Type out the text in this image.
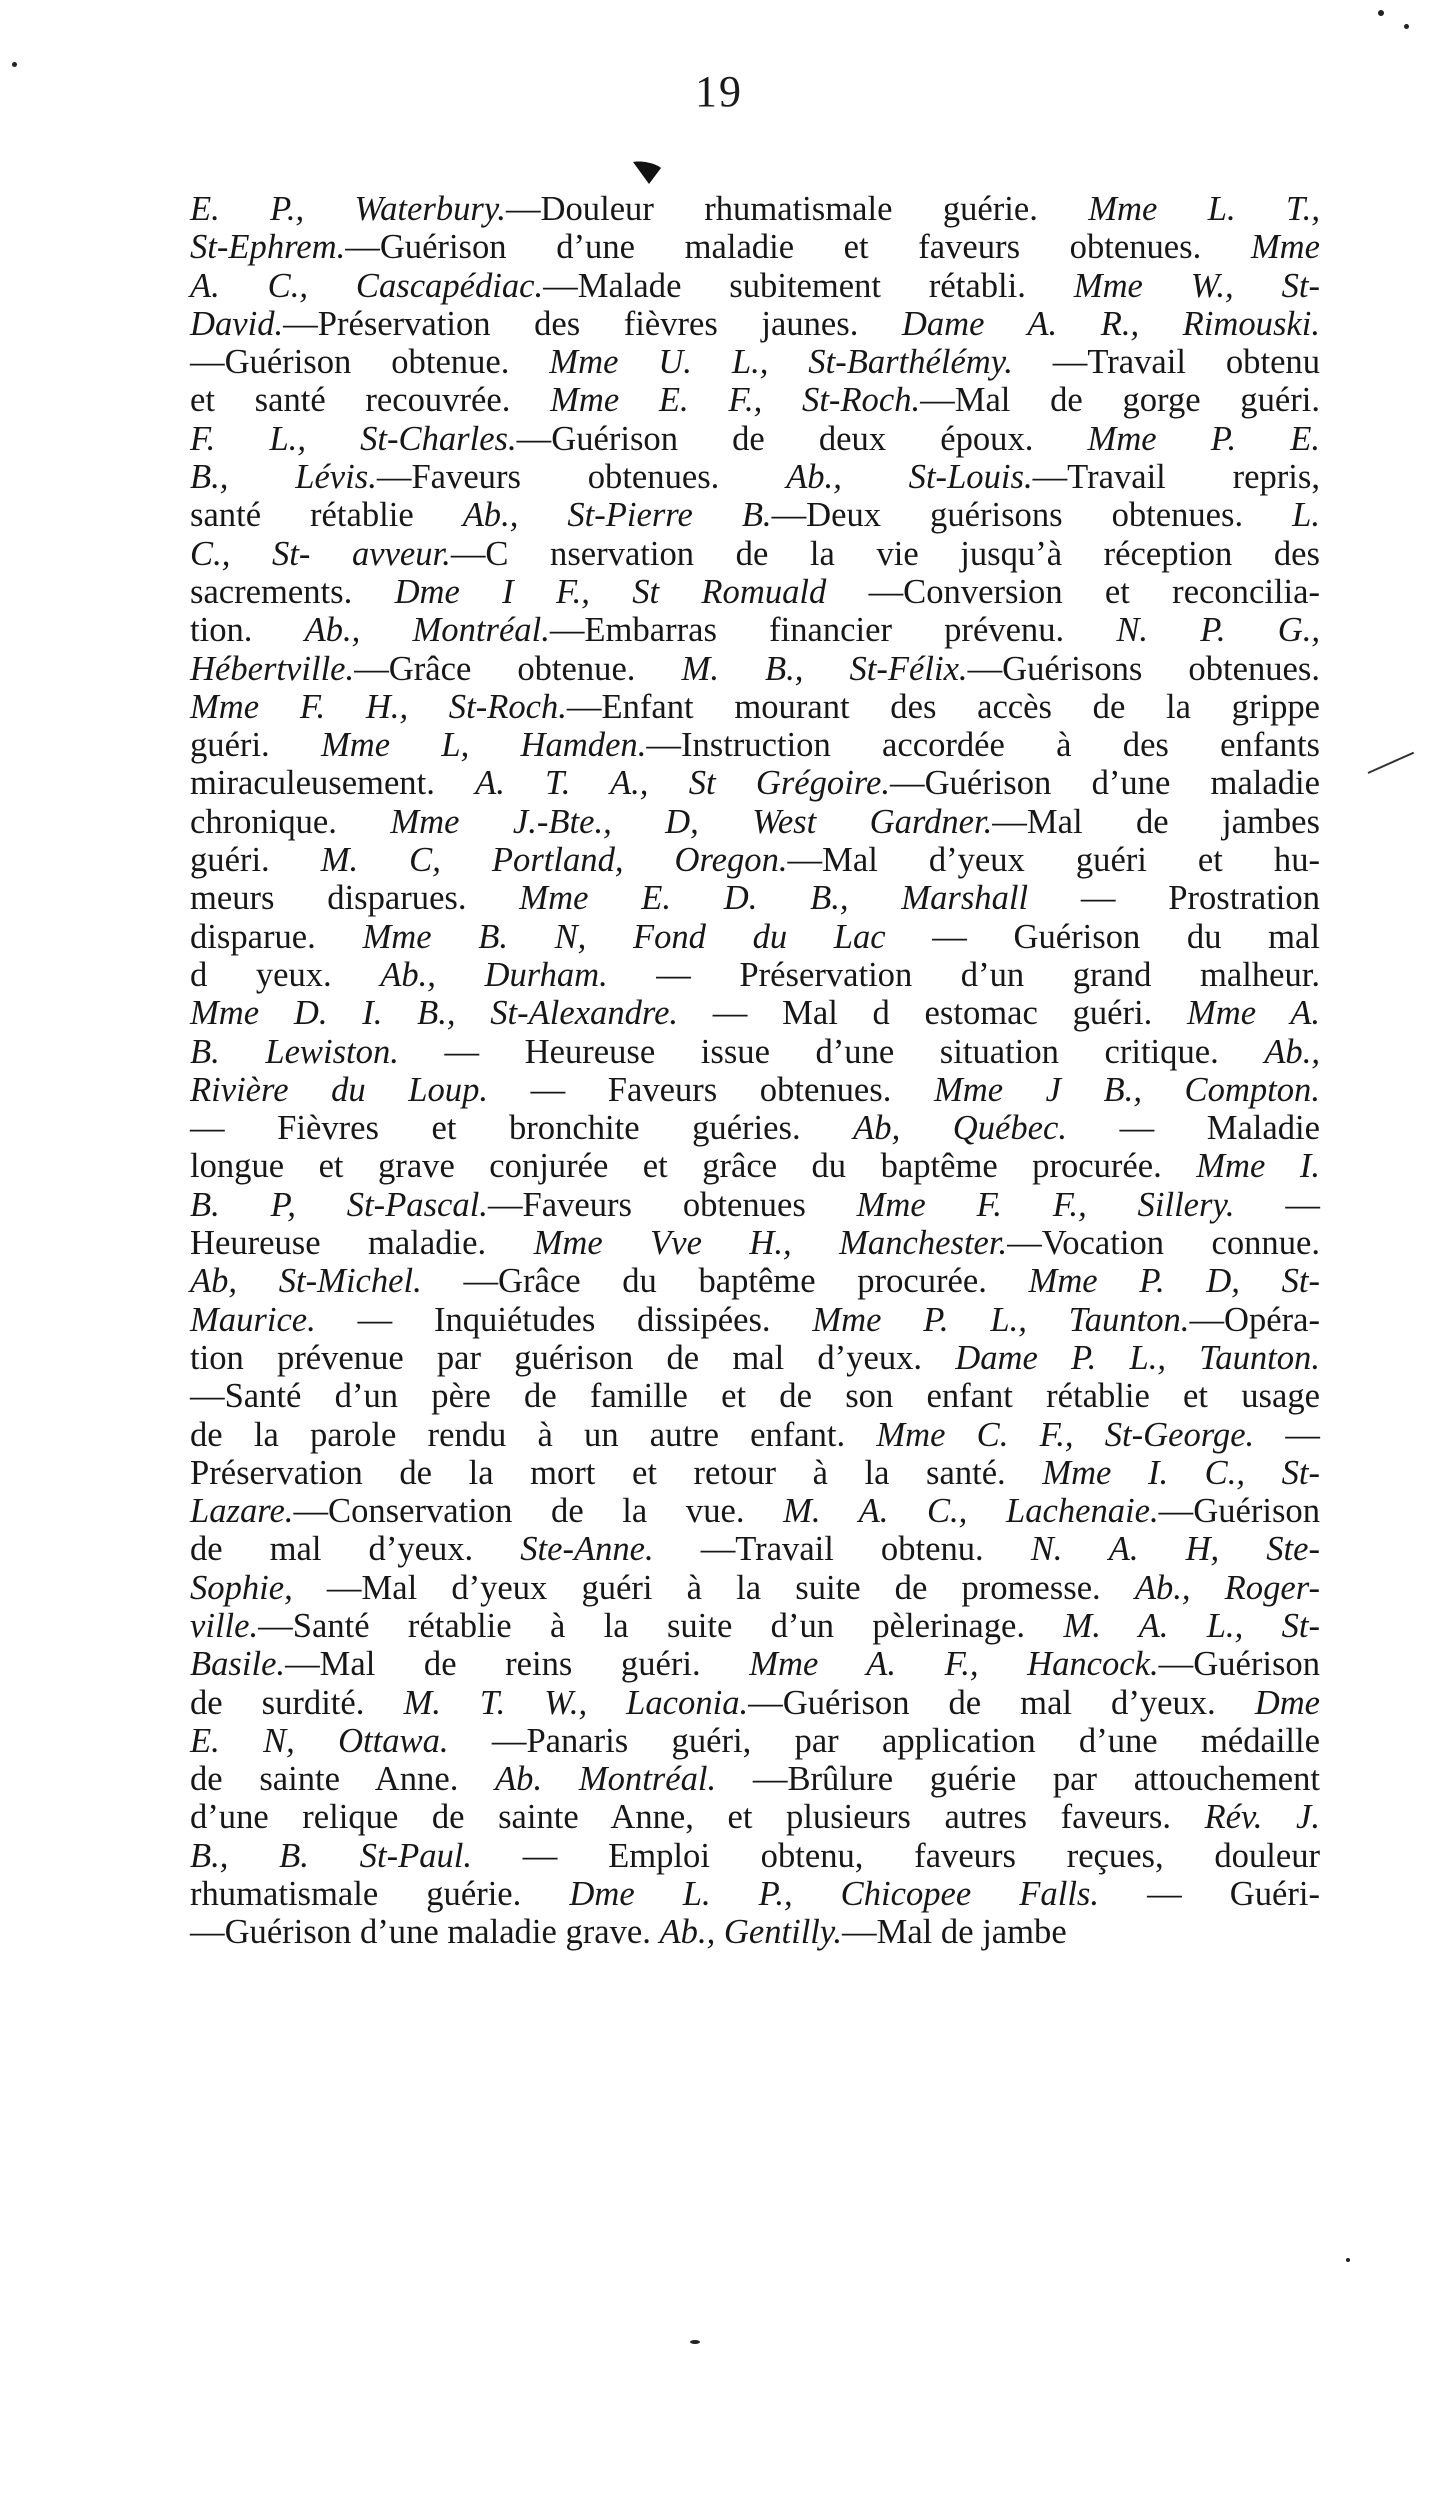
19
E. P., Waterbury.—Douleur rhumatismale guérie. Mme L. T.,
St-Ephrem.—Guérison d’une maladie et faveurs obtenues. Mme
A. C., Cascapédiac.—Malade subitement rétabli. Mme W., St-
David.—Préservation des fièvres jaunes. Dame A. R., Rimouski.
—Guérison obtenue. Mme U. L., St-Barthélémy. —Travail obtenu
et santé recouvrée. Mme E. F., St-Roch.—Mal de gorge guéri.
F. L., St-Charles.—Guérison de deux époux. Mme P. E.
B., Lévis.—Faveurs obtenues. Ab., St-Louis.—Travail repris,
santé rétablie Ab., St-Pierre B.—Deux guérisons obtenues. L.
C., St- avveur.—C nservation de la vie jusqu’à réception des
sacrements. Dme I F., St Romuald —Conversion et reconcilia-
tion. Ab., Montréal.—Embarras financier prévenu. N. P. G.,
Hébertville.—Grâce obtenue. M. B., St-Félix.—Guérisons obtenues.
Mme F. H., St-Roch.—Enfant mourant des accès de la grippe
guéri. Mme L, Hamden.—Instruction accordée à des enfants
miraculeusement. A. T. A., St Grégoire.—Guérison d’une maladie
chronique. Mme J.-Bte., D, West Gardner.—Mal de jambes
guéri. M. C, Portland, Oregon.—Mal d’yeux guéri et hu-
meurs disparues. Mme E. D. B., Marshall — Prostration
disparue. Mme B. N, Fond du Lac — Guérison du mal
d yeux. Ab., Durham. — Préservation d’un grand malheur.
Mme D. I. B., St-Alexandre. — Mal d estomac guéri. Mme A.
B. Lewiston. — Heureuse issue d’une situation critique. Ab.,
Rivière du Loup. — Faveurs obtenues. Mme J B., Compton.
— Fièvres et bronchite guéries. Ab, Québec. — Maladie
longue et grave conjurée et grâce du baptême procurée. Mme I.
B. P, St-Pascal.—Faveurs obtenues Mme F. F., Sillery. —
Heureuse maladie. Mme Vve H., Manchester.—Vocation connue.
Ab, St-Michel. —Grâce du baptême procurée. Mme P. D, St-
Maurice. — Inquiétudes dissipées. Mme P. L., Taunton.—Opéra-
tion prévenue par guérison de mal d’yeux. Dame P. L., Taunton.
—Santé d’un père de famille et de son enfant rétablie et usage
de la parole rendu à un autre enfant. Mme C. F., St-George. —
Préservation de la mort et retour à la santé. Mme I. C., St-
Lazare.—Conservation de la vue. M. A. C., Lachenaie.—Guérison
de mal d’yeux. Ste-Anne. —Travail obtenu. N. A. H, Ste-
Sophie, —Mal d’yeux guéri à la suite de promesse. Ab., Roger-
ville.—Santé rétablie à la suite d’un pèlerinage. M. A. L., St-
Basile.—Mal de reins guéri. Mme A. F., Hancock.—Guérison
de surdité. M. T. W., Laconia.—Guérison de mal d’yeux. Dme
E. N, Ottawa. —Panaris guéri, par application d’une médaille
de sainte Anne. Ab. Montréal. —Brûlure guérie par attouchement
d’une relique de sainte Anne, et plusieurs autres faveurs. Rév. J.
B., B. St-Paul. — Emploi obtenu, faveurs reçues, douleur
rhumatismale guérie. Dme L. P., Chicopee Falls. — Guéri-
—Guérison d’une maladie grave. Ab., Gentilly.—Mal de jambe
